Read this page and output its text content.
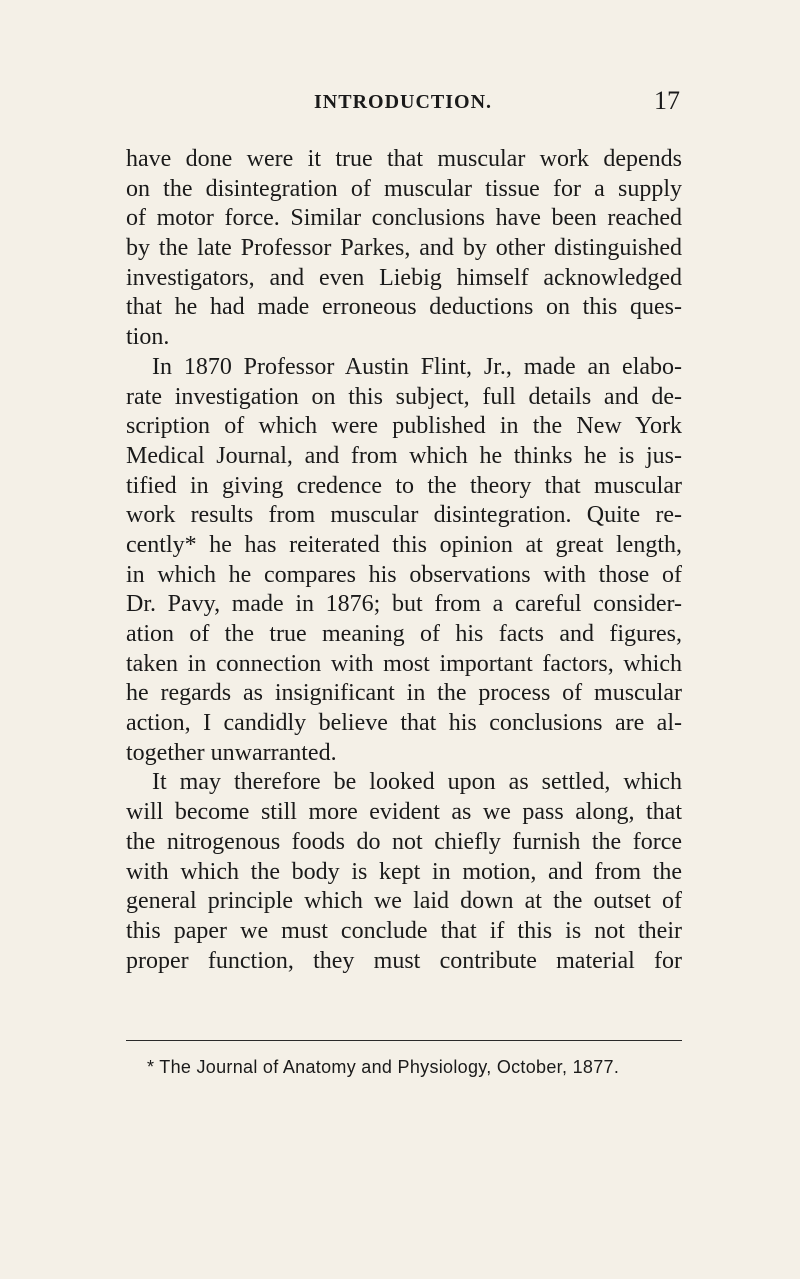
INTRODUCTION.	17
have done were it true that muscular work depends
on the disintegration of muscular tissue for a supply
of motor force. Similar conclusions have been reached
by the late Professor Parkes, and by other distinguished
investigators, and even Liebig himself acknowledged
that he had made erroneous deductions on this ques-
tion.
In 1870 Professor Austin Flint, Jr., made an elabo-
rate investigation on this subject, full details and de-
scription of which were published in the New York
Medical Journal, and from which he thinks he is jus-
tified in giving credence to the theory that muscular
work results from muscular disintegration. Quite re-
cently* he has reiterated this opinion at great length,
in which he compares his observations with those of
Dr. Pavy, made in 1876; but from a careful consider-
ation of the true meaning of his facts and figures,
taken in connection with most important factors, which
he regards as insignificant in the process of muscular
action, I candidly believe that his conclusions are al-
together unwarranted.
It may therefore be looked upon as settled, which
will become still more evident as we pass along, that
the nitrogenous foods do not chiefly furnish the force
with which the body is kept in motion, and from the
general principle which we laid down at the outset of
this paper we must conclude that if this is not their
proper function, they must contribute material for
* The Journal of Anatomy and Physiology, October, 1877.
